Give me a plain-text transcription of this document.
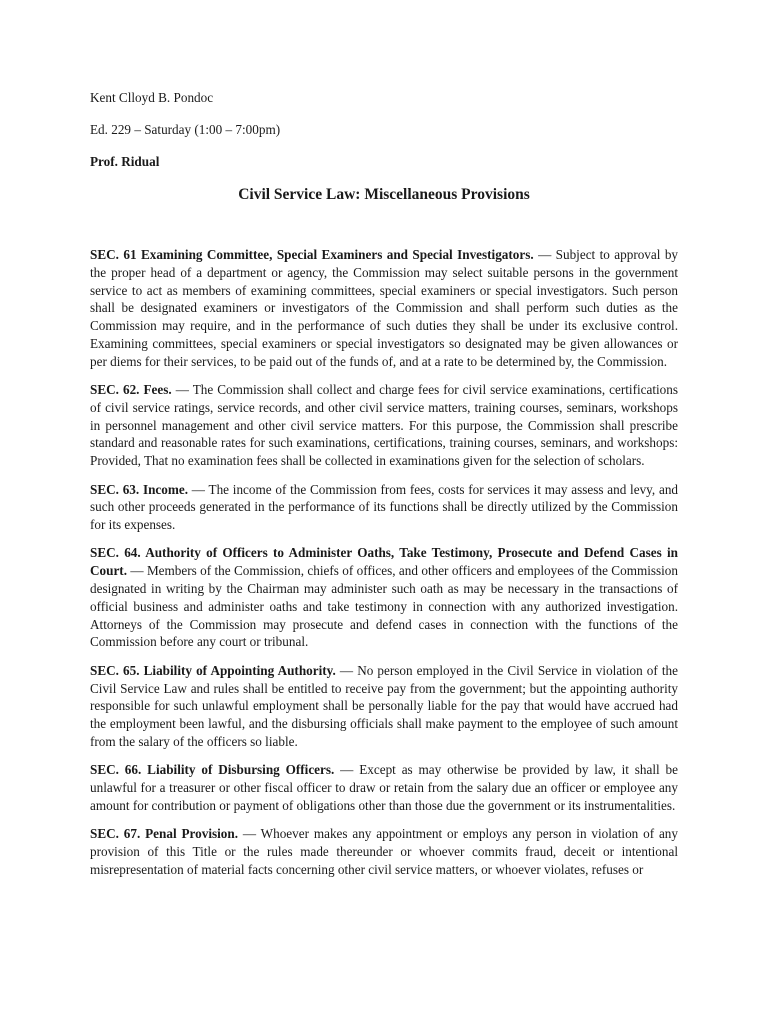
Kent Clloyd B. Pondoc
Ed. 229 – Saturday (1:00 – 7:00pm)
Prof. Ridual
Civil Service Law: Miscellaneous Provisions

SEC. 61 Examining Committee, Special Examiners and Special Investigators. — Subject to approval by the proper head of a department or agency, the Commission may select suitable persons in the government service to act as members of examining committees, special examiners or special investigators. Such person shall be designated examiners or investigators of the Commission and shall perform such duties as the Commission may require, and in the performance of such duties they shall be under its exclusive control. Examining committees, special examiners or special investigators so designated may be given allowances or per diems for their services, to be paid out of the funds of, and at a rate to be determined by, the Commission.

SEC. 62. Fees. — The Commission shall collect and charge fees for civil service examinations, certifications of civil service ratings, service records, and other civil service matters, training courses, seminars, workshops in personnel management and other civil service matters. For this purpose, the Commission shall prescribe standard and reasonable rates for such examinations, certifications, training courses, seminars, and workshops: Provided, That no examination fees shall be collected in examinations given for the selection of scholars.

SEC. 63. Income. — The income of the Commission from fees, costs for services it may assess and levy, and such other proceeds generated in the performance of its functions shall be directly utilized by the Commission for its expenses.

SEC. 64. Authority of Officers to Administer Oaths, Take Testimony, Prosecute and Defend Cases in Court. — Members of the Commission, chiefs of offices, and other officers and employees of the Commission designated in writing by the Chairman may administer such oath as may be necessary in the transactions of official business and administer oaths and take testimony in connection with any authorized investigation. Attorneys of the Commission may prosecute and defend cases in connection with the functions of the Commission before any court or tribunal.

SEC. 65. Liability of Appointing Authority. — No person employed in the Civil Service in violation of the Civil Service Law and rules shall be entitled to receive pay from the government; but the appointing authority responsible for such unlawful employment shall be personally liable for the pay that would have accrued had the employment been lawful, and the disbursing officials shall make payment to the employee of such amount from the salary of the officers so liable.

SEC. 66. Liability of Disbursing Officers. — Except as may otherwise be provided by law, it shall be unlawful for a treasurer or other fiscal officer to draw or retain from the salary due an officer or employee any amount for contribution or payment of obligations other than those due the government or its instrumentalities.

SEC. 67. Penal Provision. — Whoever makes any appointment or employs any person in violation of any provision of this Title or the rules made thereunder or whoever commits fraud, deceit or intentional misrepresentation of material facts concerning other civil service matters, or whoever violates, refuses or
